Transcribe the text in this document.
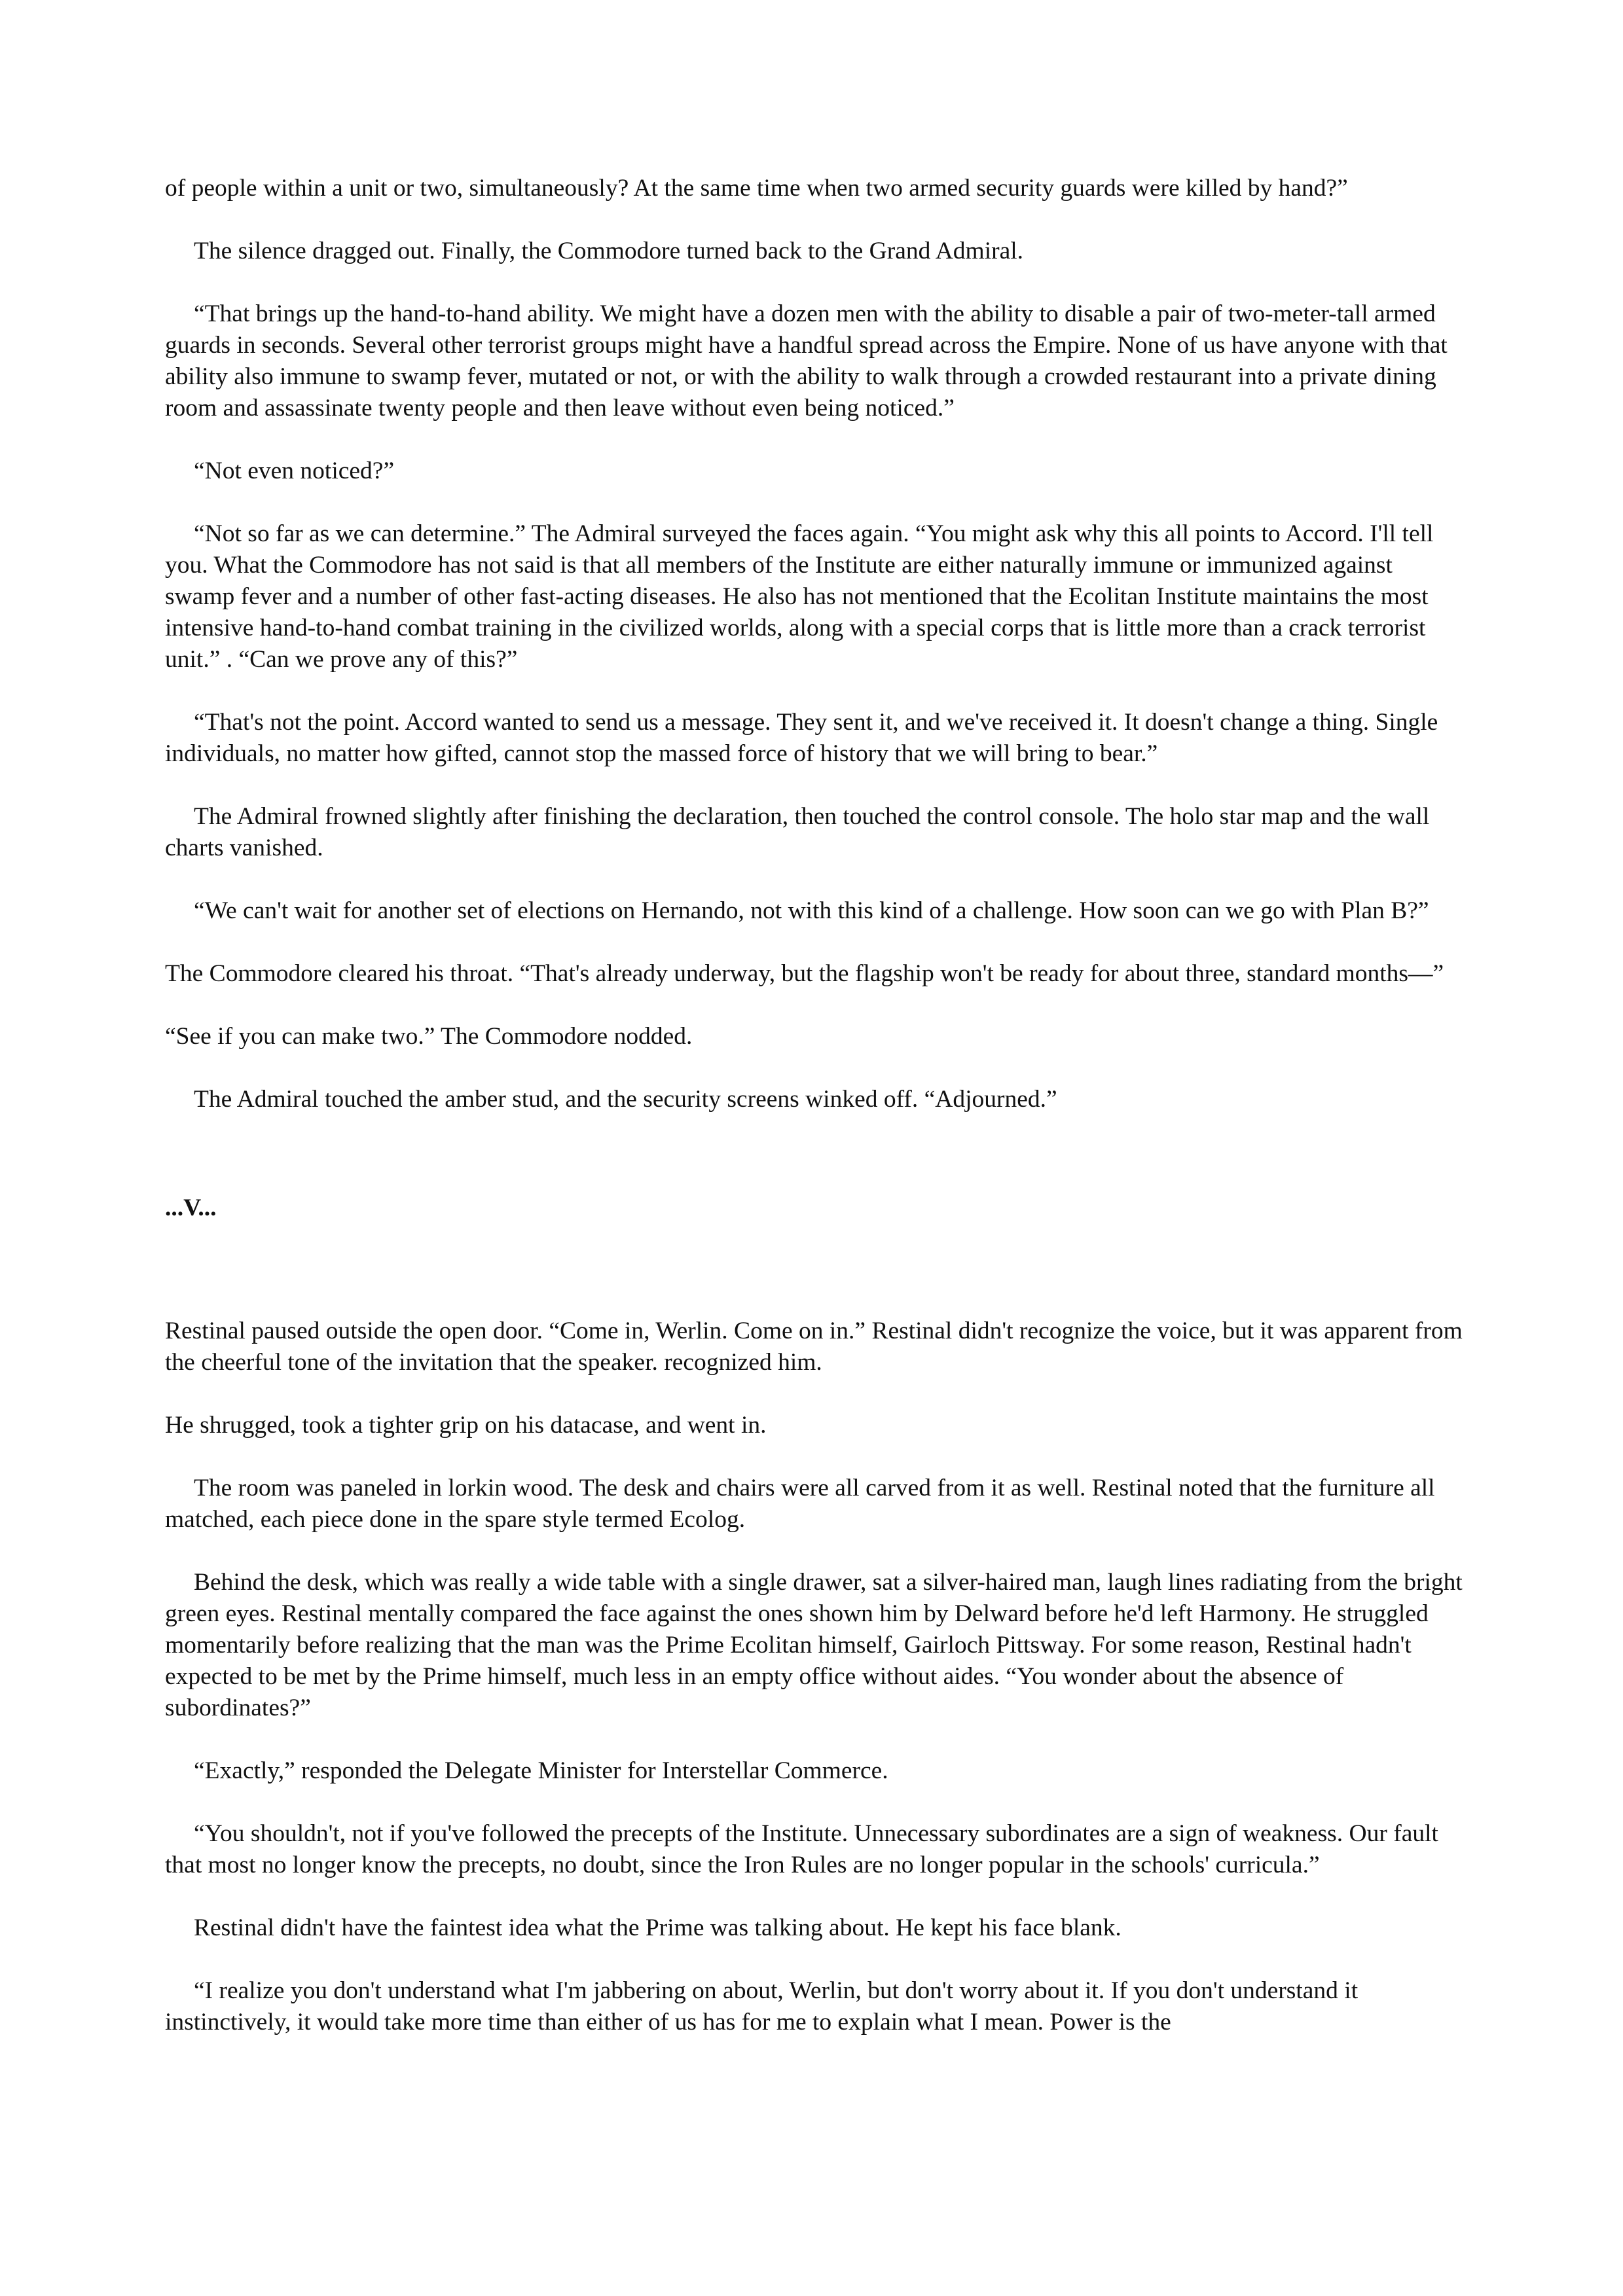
of people within a unit or two, simultaneously? At the same time when two armed security guards were killed by hand?”

The silence dragged out. Finally, the Commodore turned back to the Grand Admiral.

“That brings up the hand-to-hand ability. We might have a dozen men with the ability to disable a pair of two-meter-tall armed guards in seconds. Several other terrorist groups might have a handful spread across the Empire. None of us have anyone with that ability also immune to swamp fever, mutated or not, or with the ability to walk through a crowded restaurant into a private dining room and assassinate twenty people and then leave without even being noticed.”

“Not even noticed?”

“Not so far as we can determine.” The Admiral surveyed the faces again. “You might ask why this all points to Accord. I'll tell you. What the Commodore has not said is that all members of the Institute are either naturally immune or immunized against swamp fever and a number of other fast-acting diseases. He also has not mentioned that the Ecolitan Institute maintains the most intensive hand-to-hand combat training in the civilized worlds, along with a special corps that is little more than a crack terrorist unit.” . “Can we prove any of this?”

“That's not the point. Accord wanted to send us a message. They sent it, and we've received it. It doesn't change a thing. Single individuals, no matter how gifted, cannot stop the massed force of history that we will bring to bear.”

The Admiral frowned slightly after finishing the declaration, then touched the control console. The holo star map and the wall charts vanished.

“We can't wait for another set of elections on Hernando, not with this kind of a challenge. How soon can we go with Plan B?”

The Commodore cleared his throat. “That's already underway, but the flagship won't be ready for about three, standard months—”

“See if you can make two.” The Commodore nodded.

The Admiral touched the amber stud, and the security screens winked off. “Adjourned.”

...V...

Restinal paused outside the open door. “Come in, Werlin. Come on in.” Restinal didn't recognize the voice, but it was apparent from the cheerful tone of the invitation that the speaker. recognized him.

He shrugged, took a tighter grip on his datacase, and went in.

The room was paneled in lorkin wood. The desk and chairs were all carved from it as well. Restinal noted that the furniture all matched, each piece done in the spare style termed Ecolog.

Behind the desk, which was really a wide table with a single drawer, sat a silver-haired man, laugh lines radiating from the bright green eyes. Restinal mentally compared the face against the ones shown him by Delward before he'd left Harmony. He struggled momentarily before realizing that the man was the Prime Ecolitan himself, Gairloch Pittsway. For some reason, Restinal hadn't expected to be met by the Prime himself, much less in an empty office without aides. “You wonder about the absence of subordinates?”

“Exactly,” responded the Delegate Minister for Interstellar Commerce.

“You shouldn't, not if you've followed the precepts of the Institute. Unnecessary subordinates are a sign of weakness. Our fault that most no longer know the precepts, no doubt, since the Iron Rules are no longer popular in the schools' curricula.”

Restinal didn't have the faintest idea what the Prime was talking about. He kept his face blank.

“I realize you don't understand what I'm jabbering on about, Werlin, but don't worry about it. If you don't understand it instinctively, it would take more time than either of us has for me to explain what I mean. Power is the
